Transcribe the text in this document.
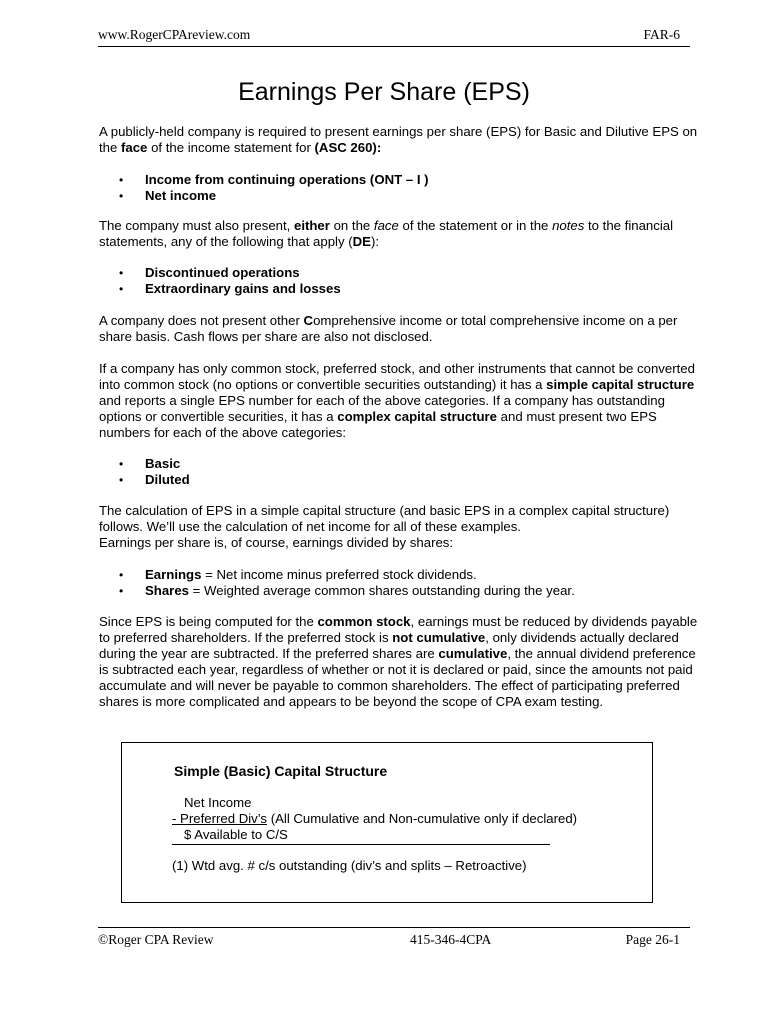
www.RogerCPAreview.com	FAR-6
Earnings Per Share (EPS)

A publicly-held company is required to present earnings per share (EPS) for Basic and Dilutive EPS on the face of the income statement for (ASC 260):

• Income from continuing operations (ONT – I )
• Net income

The company must also present, either on the face of the statement or in the notes to the financial statements, any of the following that apply (DE):

• Discontinued operations
• Extraordinary gains and losses

A company does not present other Comprehensive income or total comprehensive income on a per share basis. Cash flows per share are also not disclosed.

If a company has only common stock, preferred stock, and other instruments that cannot be converted into common stock (no options or convertible securities outstanding) it has a simple capital structure and reports a single EPS number for each of the above categories. If a company has outstanding options or convertible securities, it has a complex capital structure and must present two EPS numbers for each of the above categories:

• Basic
• Diluted

The calculation of EPS in a simple capital structure (and basic EPS in a complex capital structure) follows. We’ll use the calculation of net income for all of these examples.
Earnings per share is, of course, earnings divided by shares:

• Earnings = Net income minus preferred stock dividends.
• Shares = Weighted average common shares outstanding during the year.

Since EPS is being computed for the common stock, earnings must be reduced by dividends payable to preferred shareholders. If the preferred stock is not cumulative, only dividends actually declared during the year are subtracted. If the preferred shares are cumulative, the annual dividend preference is subtracted each year, regardless of whether or not it is declared or paid, since the amounts not paid accumulate and will never be payable to common shareholders. The effect of participating preferred shares is more complicated and appears to be beyond the scope of CPA exam testing.

Simple (Basic) Capital Structure
Net Income
- Preferred Div’s (All Cumulative and Non-cumulative only if declared)
$ Available to C/S
(1) Wtd avg. # c/s outstanding (div’s and splits – Retroactive)
©Roger CPA Review	415-346-4CPA	Page 26-1
